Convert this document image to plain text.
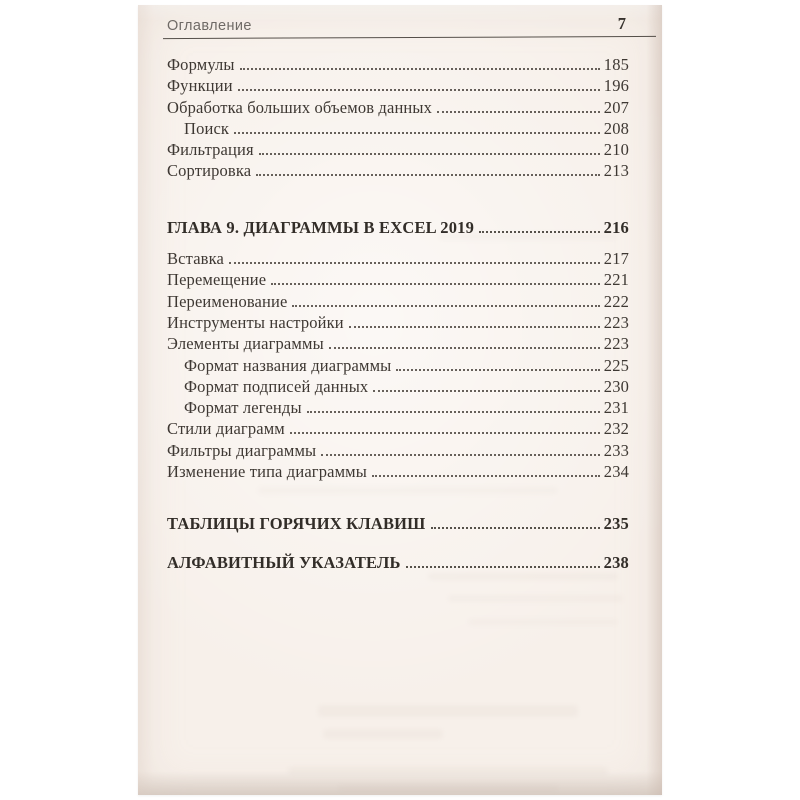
Оглавление	7
Формулы	185
Функции	196
Обработка больших объемов данных	207
Поиск	208
Фильтрация	210
Сортировка	213
ГЛАВА 9. ДИАГРАММЫ В EXCEL 2019	216
Вставка	217
Перемещение	221
Переименование	222
Инструменты настройки	223
Элементы диаграммы	223
Формат названия диаграммы	225
Формат подписей данных	230
Формат легенды	231
Стили диаграмм	232
Фильтры диаграммы	233
Изменение типа диаграммы	234
ТАБЛИЦЫ ГОРЯЧИХ КЛАВИШ	235
АЛФАВИТНЫЙ УКАЗАТЕЛЬ	238
